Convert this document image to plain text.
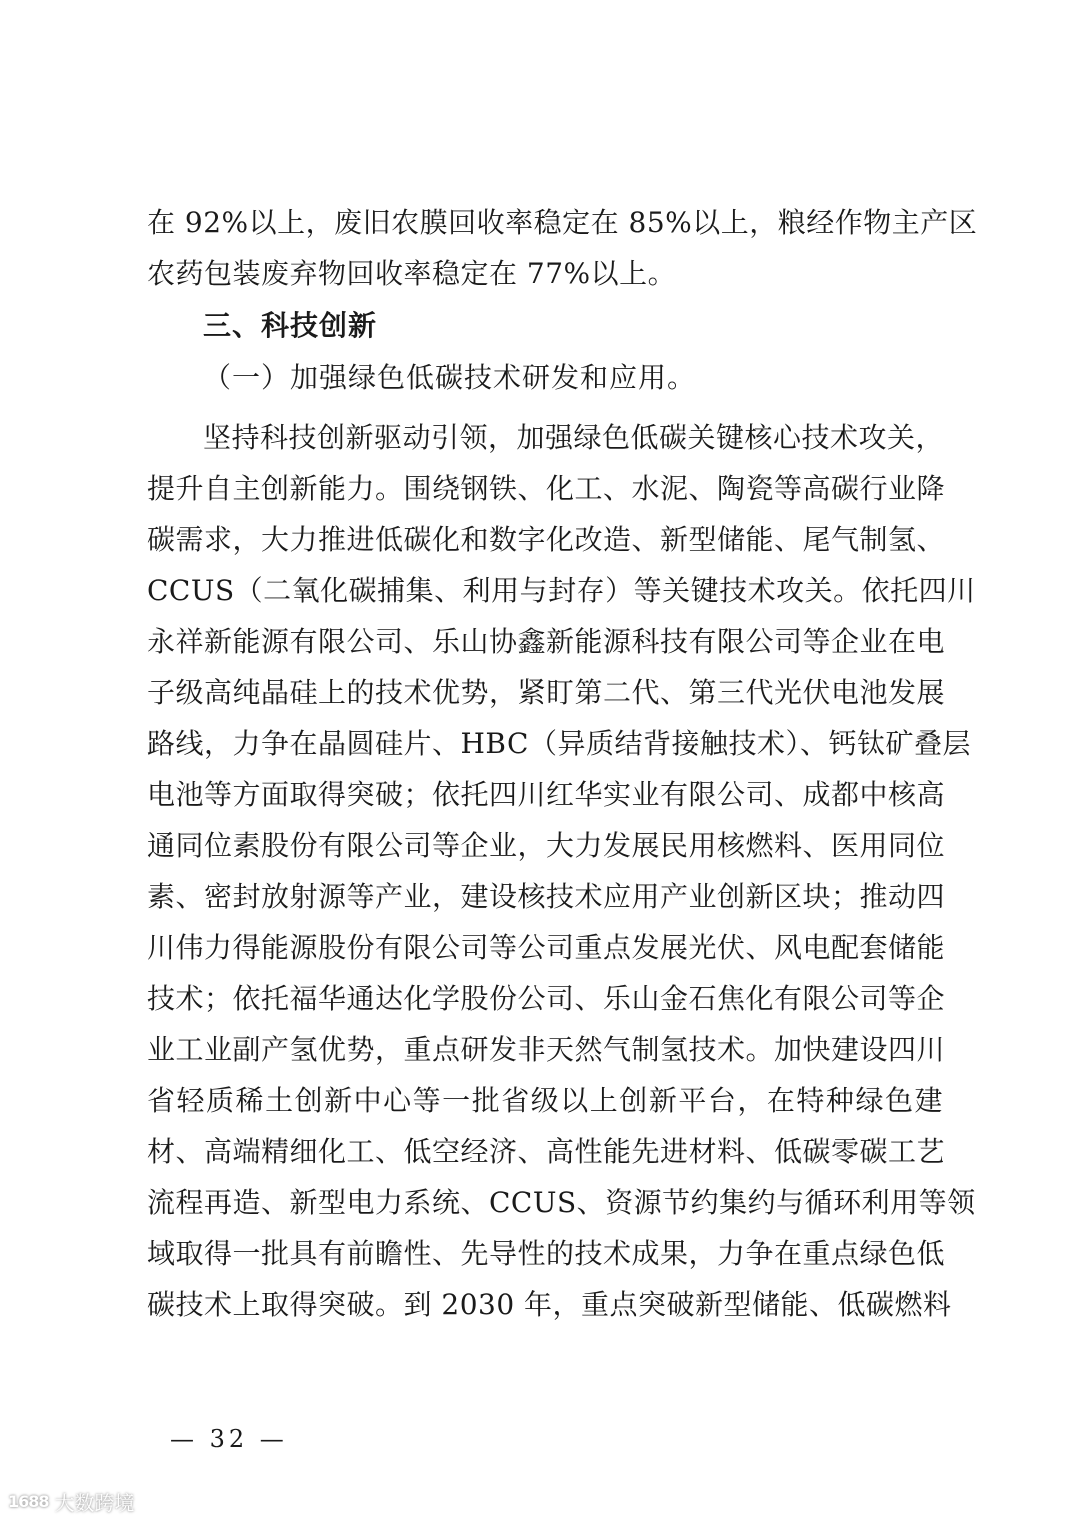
在 92%以上，废旧农膜回收率稳定在 85%以上，粮经作物主产区
农药包装废弃物回收率稳定在 77%以上。
三、科技创新
（一）加强绿色低碳技术研发和应用。
坚持科技创新驱动引领，加强绿色低碳关键核心技术攻关，
提升自主创新能力。围绕钢铁、化工、水泥、陶瓷等高碳行业降
碳需求，大力推进低碳化和数字化改造、新型储能、尾气制氢、
CCUS（二氧化碳捕集、利用与封存）等关键技术攻关。依托四川
永祥新能源有限公司、乐山协鑫新能源科技有限公司等企业在电
子级高纯晶硅上的技术优势，紧盯第二代、第三代光伏电池发展
路线，力争在晶圆硅片、HBC（异质结背接触技术）、钙钛矿叠层
电池等方面取得突破；依托四川红华实业有限公司、成都中核高
通同位素股份有限公司等企业，大力发展民用核燃料、医用同位
素、密封放射源等产业，建设核技术应用产业创新区块；推动四
川伟力得能源股份有限公司等公司重点发展光伏、风电配套储能
技术；依托福华通达化学股份公司、乐山金石焦化有限公司等企
业工业副产氢优势，重点研发非天然气制氢技术。加快建设四川
省轻质稀土创新中心等一批省级以上创新平台，在特种绿色建
材、高端精细化工、低空经济、高性能先进材料、低碳零碳工艺
流程再造、新型电力系统、CCUS、资源节约集约与循环利用等领
域取得一批具有前瞻性、先导性的技术成果，力争在重点绿色低
碳技术上取得突破。到 2030 年，重点突破新型储能、低碳燃料
— 32 —
1688 大数跨境
